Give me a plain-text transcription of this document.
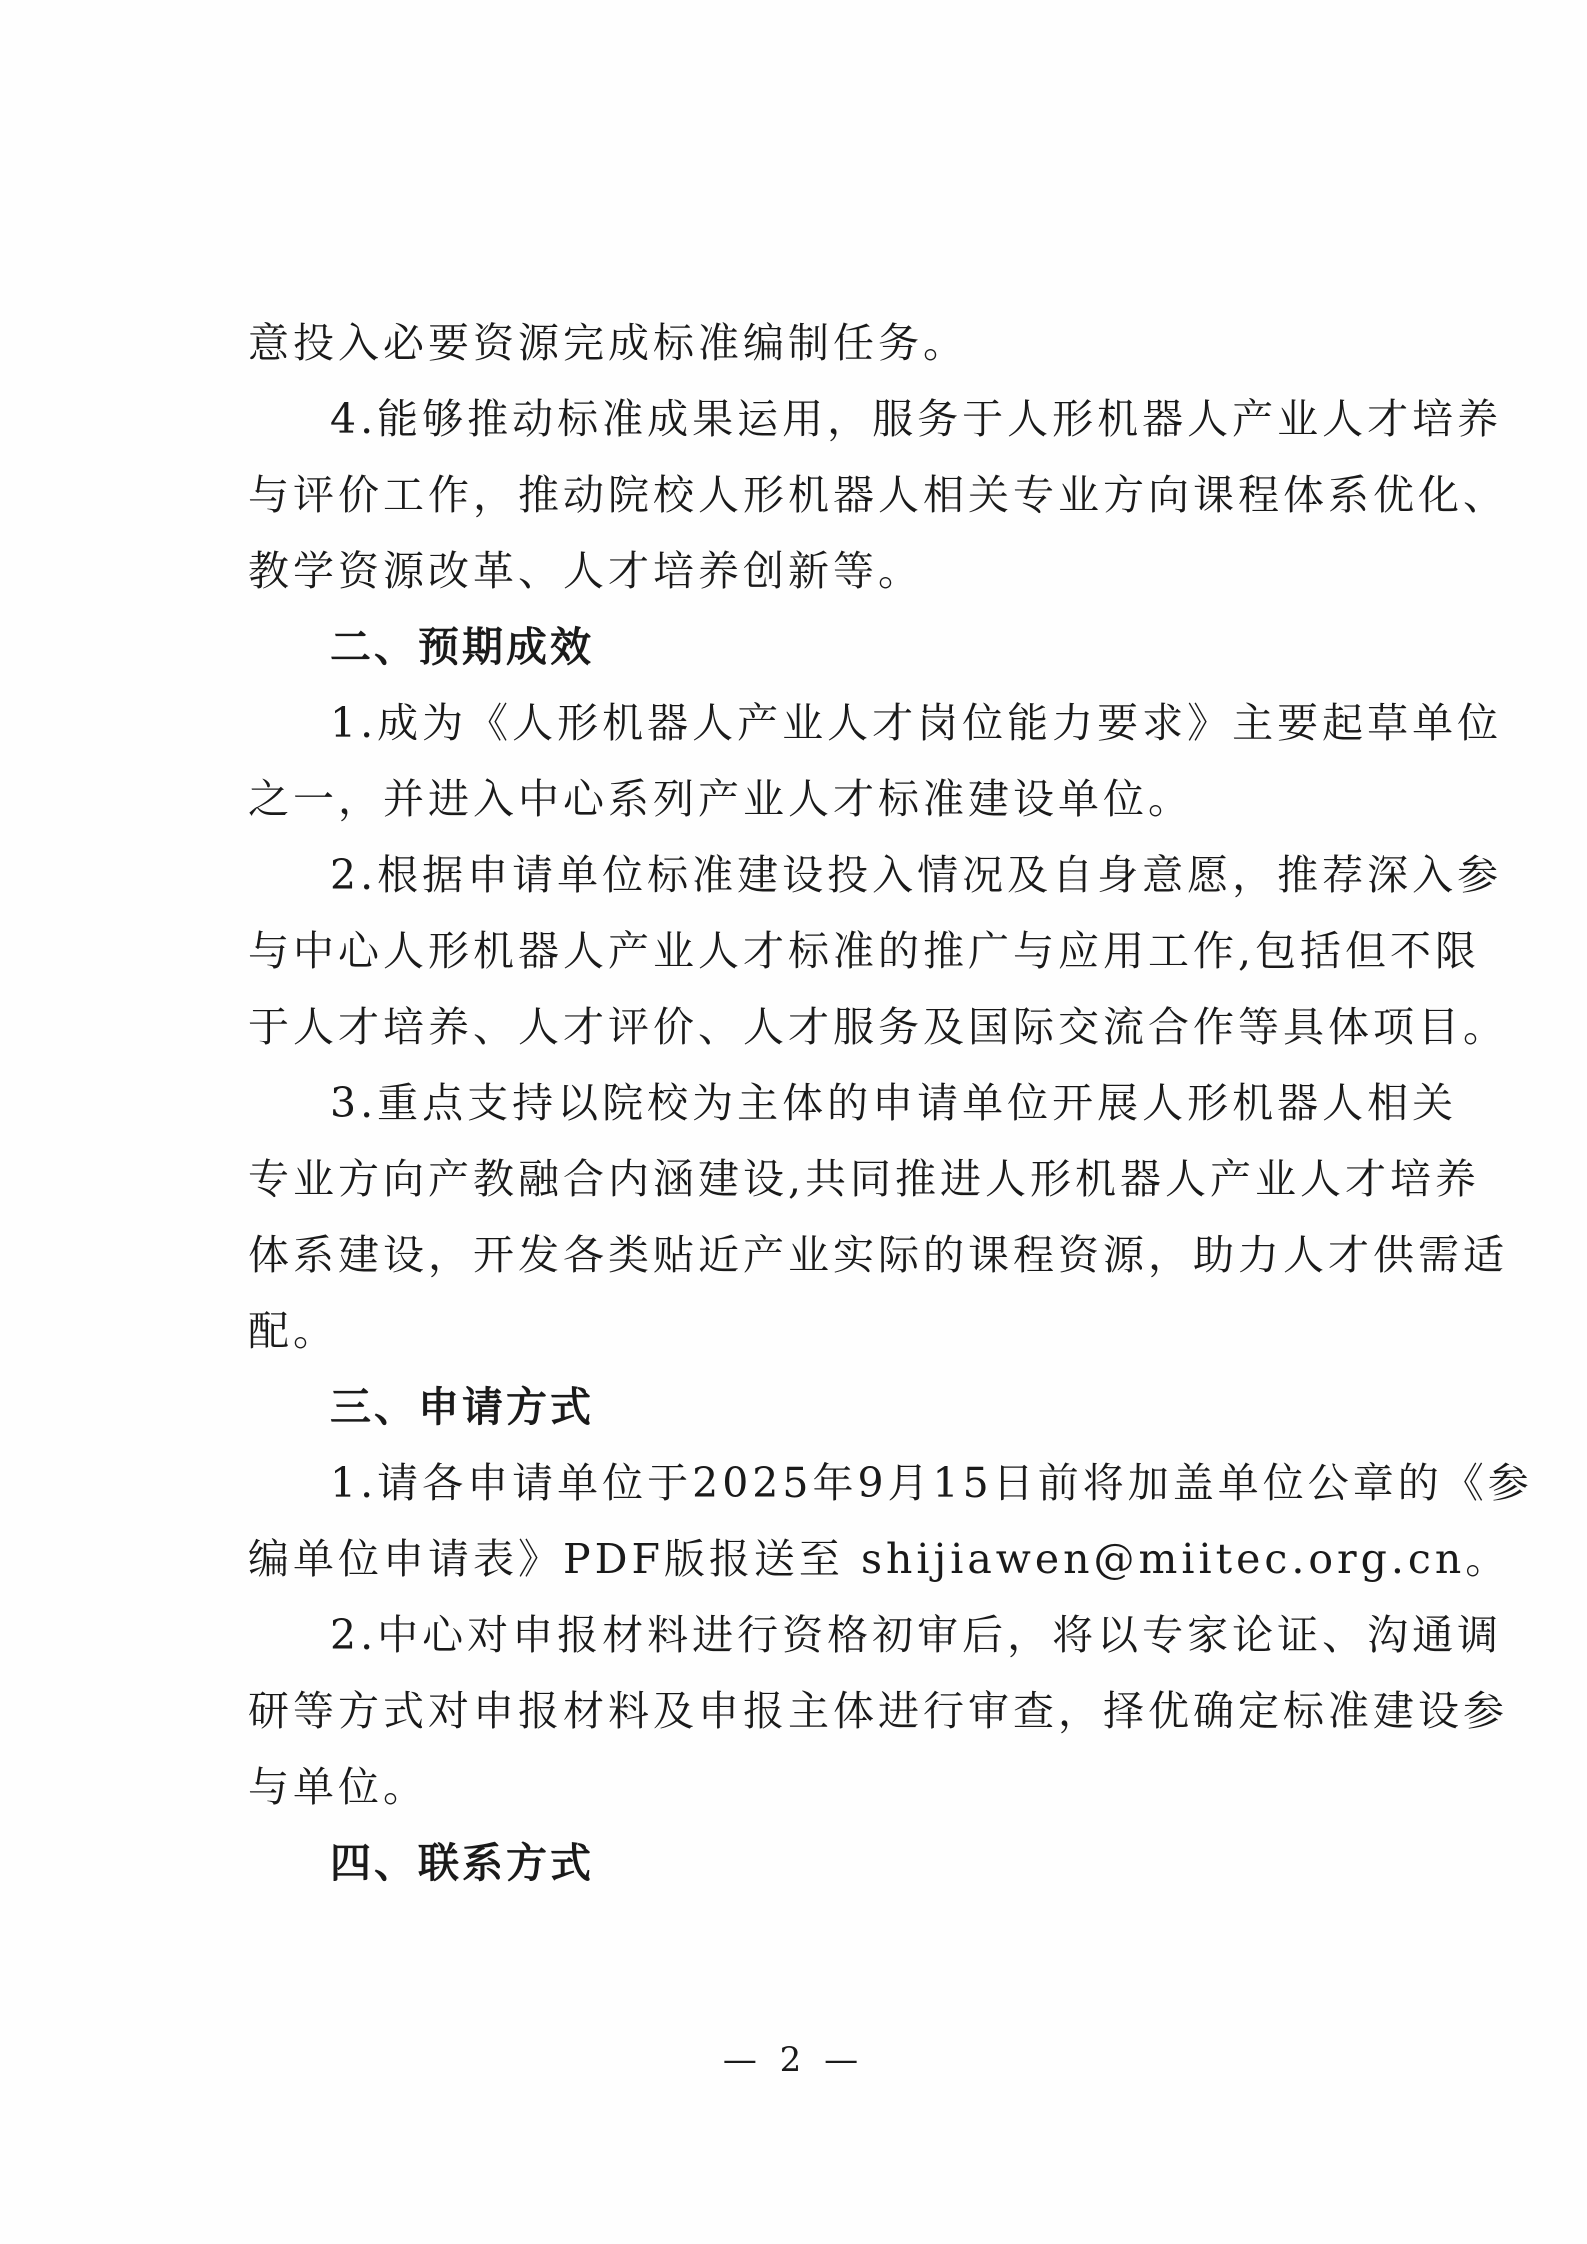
意投入必要资源完成标准编制任务。
4.能够推动标准成果运用，服务于人形机器人产业人才培养
与评价工作，推动院校人形机器人相关专业方向课程体系优化、
教学资源改革、人才培养创新等。
二、预期成效
1.成为《人形机器人产业人才岗位能力要求》主要起草单位
之一，并进入中心系列产业人才标准建设单位。
2.根据申请单位标准建设投入情况及自身意愿，推荐深入参
与中心人形机器人产业人才标准的推广与应用工作,包括但不限
于人才培养、人才评价、人才服务及国际交流合作等具体项目。
3.重点支持以院校为主体的申请单位开展人形机器人相关
专业方向产教融合内涵建设,共同推进人形机器人产业人才培养
体系建设，开发各类贴近产业实际的课程资源，助力人才供需适
配。
三、申请方式
1.请各申请单位于2025年9月15日前将加盖单位公章的《参
编单位申请表》PDF版报送至 shijiawen@miitec.org.cn。
2.中心对申报材料进行资格初审后，将以专家论证、沟通调
研等方式对申报材料及申报主体进行审查，择优确定标准建设参
与单位。
四、联系方式
— 2 —
